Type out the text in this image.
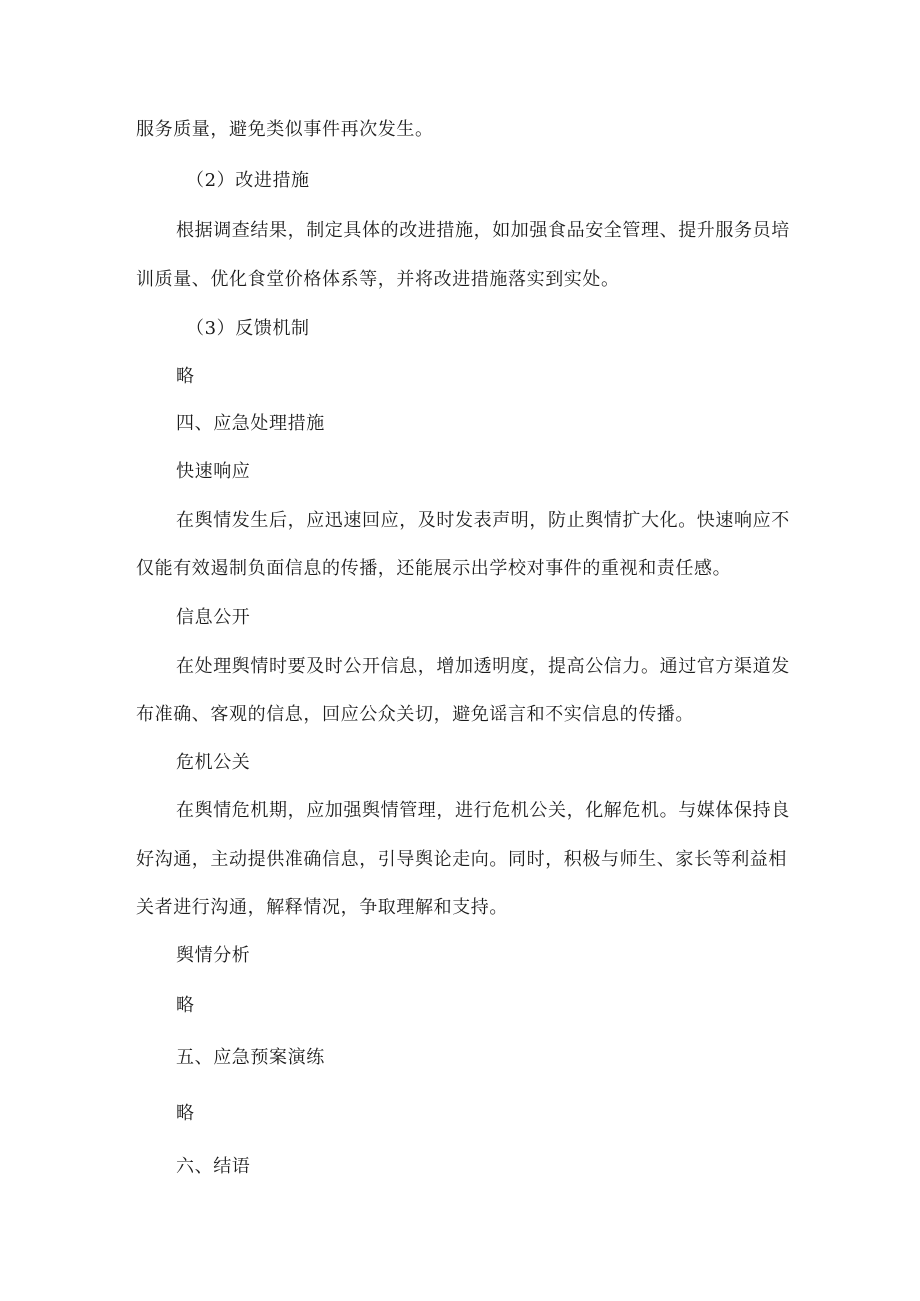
服务质量，避免类似事件再次发生。
（2）改进措施
根据调查结果，制定具体的改进措施，如加强食品安全管理、提升服务员培
训质量、优化食堂价格体系等，并将改进措施落实到实处。
（3）反馈机制
略
四、应急处理措施
快速响应
在舆情发生后，应迅速回应，及时发表声明，防止舆情扩大化。快速响应不
仅能有效遏制负面信息的传播，还能展示出学校对事件的重视和责任感。
信息公开
在处理舆情时要及时公开信息，增加透明度，提高公信力。通过官方渠道发
布准确、客观的信息，回应公众关切，避免谣言和不实信息的传播。
危机公关
在舆情危机期，应加强舆情管理，进行危机公关，化解危机。与媒体保持良
好沟通，主动提供准确信息，引导舆论走向。同时，积极与师生、家长等利益相
关者进行沟通，解释情况，争取理解和支持。
舆情分析
略
五、应急预案演练
略
六、结语
